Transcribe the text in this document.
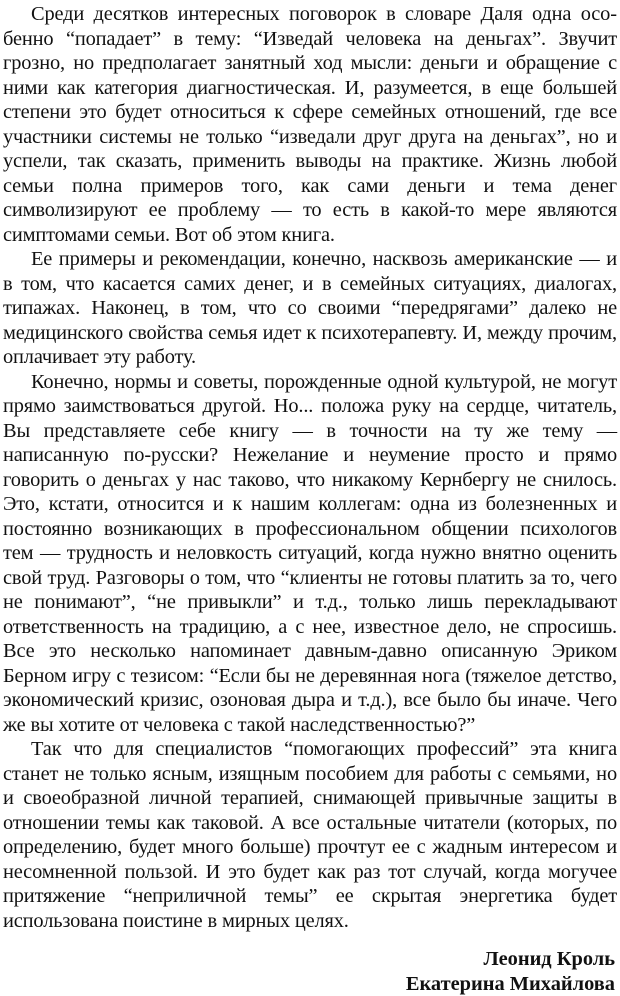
Среди десятков интересных поговорок в словаре Даля одна особенно “попадает” в тему: “Изведай человека на деньгах”. Звучит грозно, но предполагает занятный ход мысли: деньги и обращение с ними как категория диагностическая. И, разумеется, в еще большей степени это будет относиться к сфере семейных отношений, где все участники системы не только “изведали друг друга на деньгах”, но и успели, так сказать, применить выводы на практике. Жизнь любой семьи полна примеров того, как сами деньги и тема денег символизируют ее проблему — то есть в какой-то мере являются симптомами семьи. Вот об этом книга.

Ее примеры и рекомендации, конечно, насквозь американские — и в том, что касается самих денег, и в семейных ситуациях, диалогах, типажах. Наконец, в том, что со своими “передрягами” далеко не медицинского свойства семья идет к психотерапевту. И, между прочим, оплачивает эту работу.

Конечно, нормы и советы, порожденные одной культурой, не могут прямо заимствоваться другой. Но... положа руку на сердце, читатель, Вы представляете себе книгу — в точности на ту же тему — написанную по-русски? Нежелание и неумение просто и прямо говорить о деньгах у нас таково, что никакому Кернбергу не снилось. Это, кстати, относится и к нашим коллегам: одна из болезненных и постоянно возникающих в профессиональном общении психологов тем — трудность и неловкость ситуаций, когда нужно внятно оценить свой труд. Разговоры о том, что “клиенты не готовы платить за то, чего не понимают”, “не привыкли” и т.д., только лишь перекладывают ответственность на традицию, а с нее, известное дело, не спросишь. Все это несколько напоминает давным-давно описанную Эриком Берном игру с тезисом: “Если бы не деревянная нога (тяжелое детство, экономический кризис, озоновая дыра и т.д.), все было бы иначе. Чего же вы хотите от человека с такой наследственностью?”

Так что для специалистов “помогающих профессий” эта книга станет не только ясным, изящным пособием для работы с семьями, но и своеобразной личной терапией, снимающей привычные защиты в отношении темы как таковой. А все остальные читатели (которых, по определению, будет много больше) прочтут ее с жадным интересом и несомненной пользой. И это будет как раз тот случай, когда могучее притяжение “неприличной темы” ее скрытая энергетика будет использована поистине в мирных целях.

Леонид Кроль
Екатерина Михайлова
